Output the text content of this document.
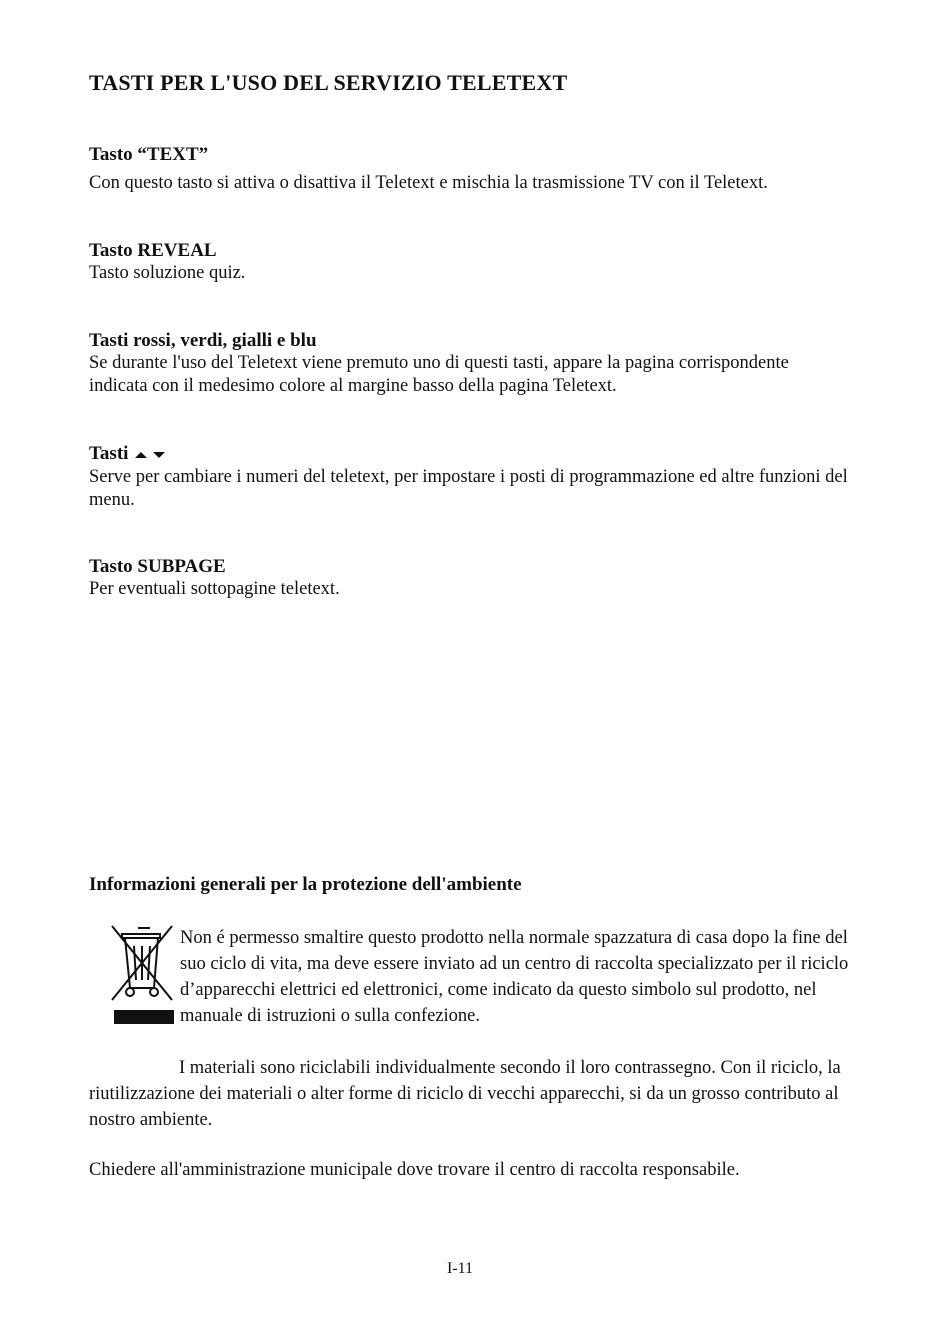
TASTI PER L'USO DEL SERVIZIO TELETEXT
Tasto “TEXT”

Con questo tasto si attiva o disattiva il Teletext e mischia la trasmissione TV con il Teletext.

Tasto REVEAL

Tasto soluzione quiz.

Tasti rossi, verdi, gialli e blu

Se durante l'uso del Teletext viene premuto uno di questi tasti, appare la pagina corrispondente indicata con il medesimo colore al margine basso della pagina Teletext.

Tasti

Serve per cambiare i numeri del teletext, per impostare i posti di programmazione ed altre funzioni del menu.

Tasto SUBPAGE

Per eventuali sottopagine teletext.

Informazioni generali per la protezione dell'ambiente

Non é permesso smaltire questo prodotto nella normale spazzatura di casa dopo la fine del suo ciclo di vita, ma deve essere inviato ad un centro di raccolta specializzato per il riciclo d’apparecchi elettrici ed elettronici, come indicato da questo simbolo sul prodotto, nel manuale di istruzioni o sulla confezione.

I materiali sono riciclabili individualmente secondo il loro contrassegno. Con il riciclo, la riutilizzazione dei materiali o alter forme di riciclo di vecchi apparecchi, si da un grosso contributo al nostro ambiente.

Chiedere all'amministrazione municipale dove trovare il centro di raccolta responsabile.

I-11
